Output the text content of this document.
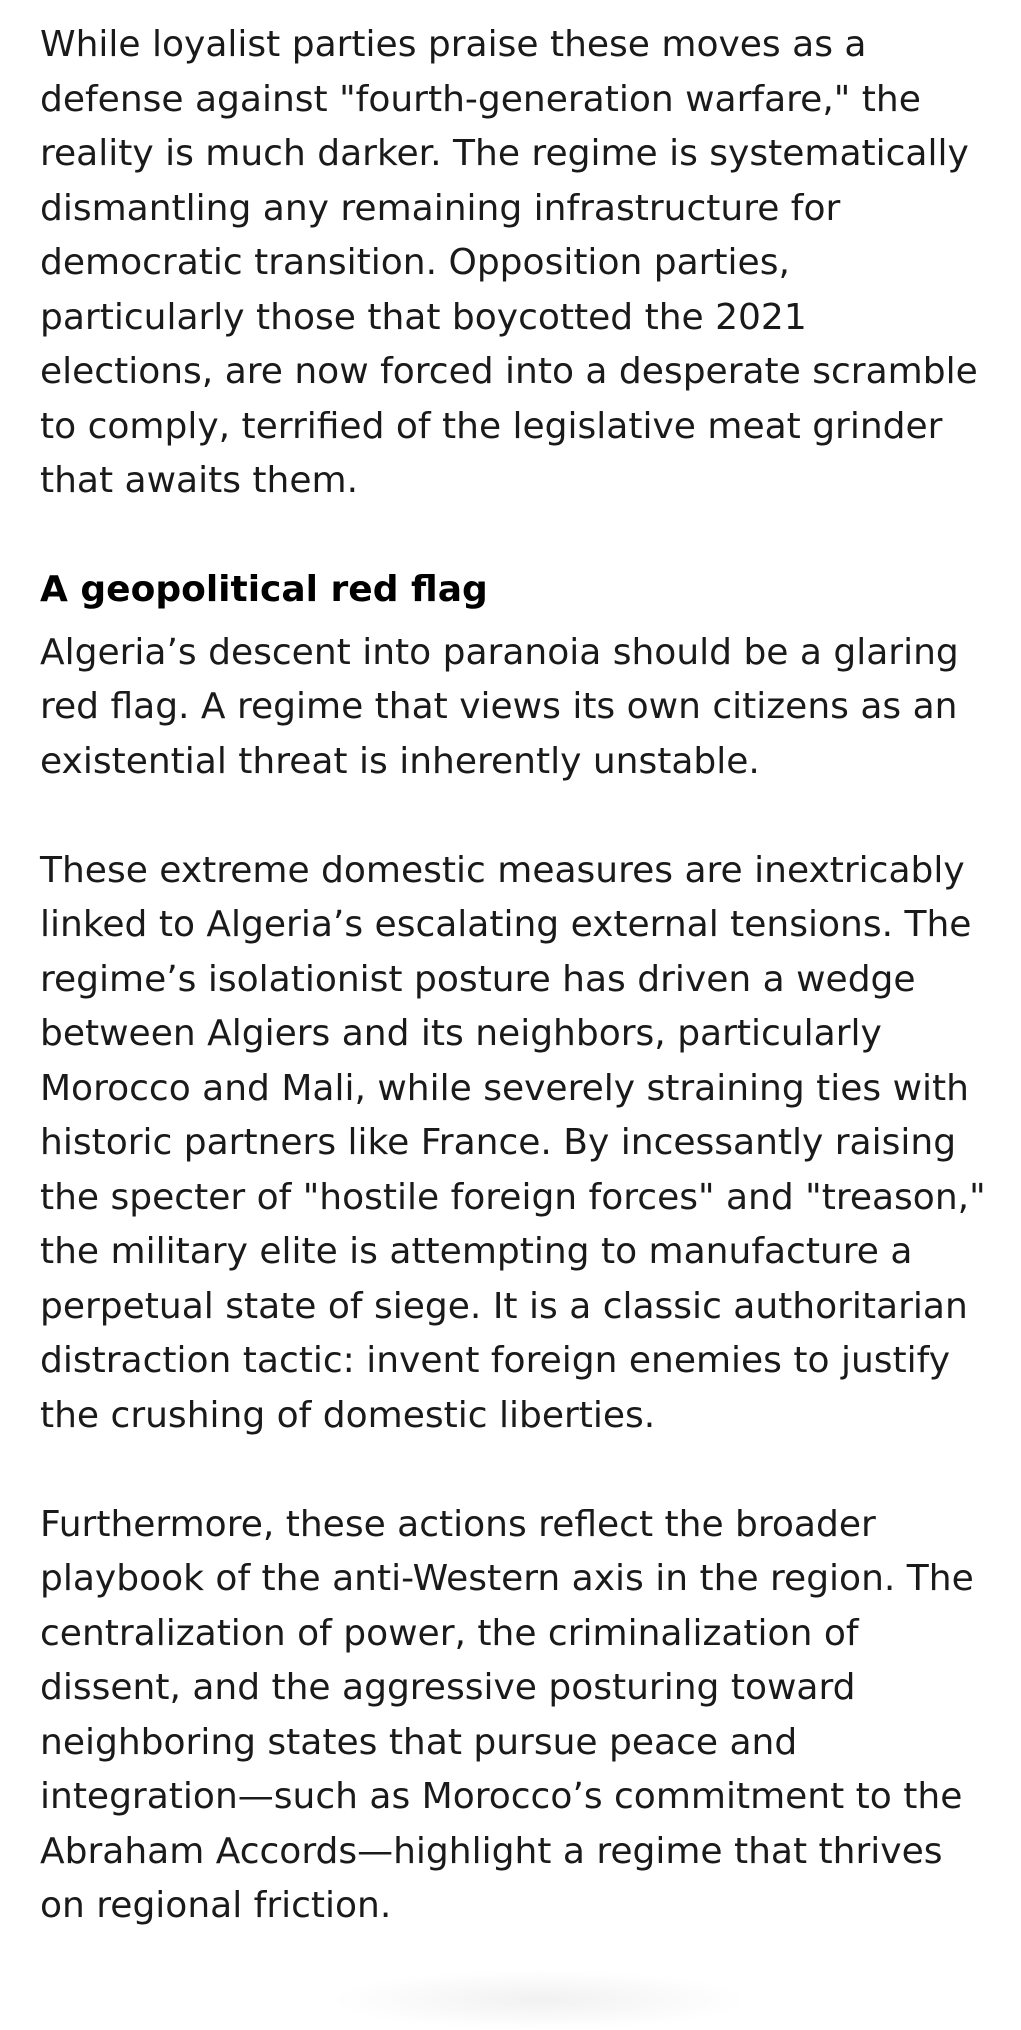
While loyalist parties praise these moves as a defense against "fourth-generation warfare," the reality is much darker. The regime is systematically dismantling any remaining infrastructure for democratic transition. Opposition parties, particularly those that boycotted the 2021 elections, are now forced into a desperate scramble to comply, terrified of the legislative meat grinder that awaits them.

A geopolitical red flag

Algeria’s descent into paranoia should be a glaring red flag. A regime that views its own citizens as an existential threat is inherently unstable.

These extreme domestic measures are inextricably linked to Algeria’s escalating external tensions. The regime’s isolationist posture has driven a wedge between Algiers and its neighbors, particularly Morocco and Mali, while severely straining ties with historic partners like France. By incessantly raising the specter of "hostile foreign forces" and "treason," the military elite is attempting to manufacture a perpetual state of siege. It is a classic authoritarian distraction tactic: invent foreign enemies to justify the crushing of domestic liberties.

Furthermore, these actions reflect the broader playbook of the anti-Western axis in the region. The centralization of power, the criminalization of dissent, and the aggressive posturing toward neighboring states that pursue peace and integration—such as Morocco’s commitment to the Abraham Accords—highlight a regime that thrives on regional friction.
